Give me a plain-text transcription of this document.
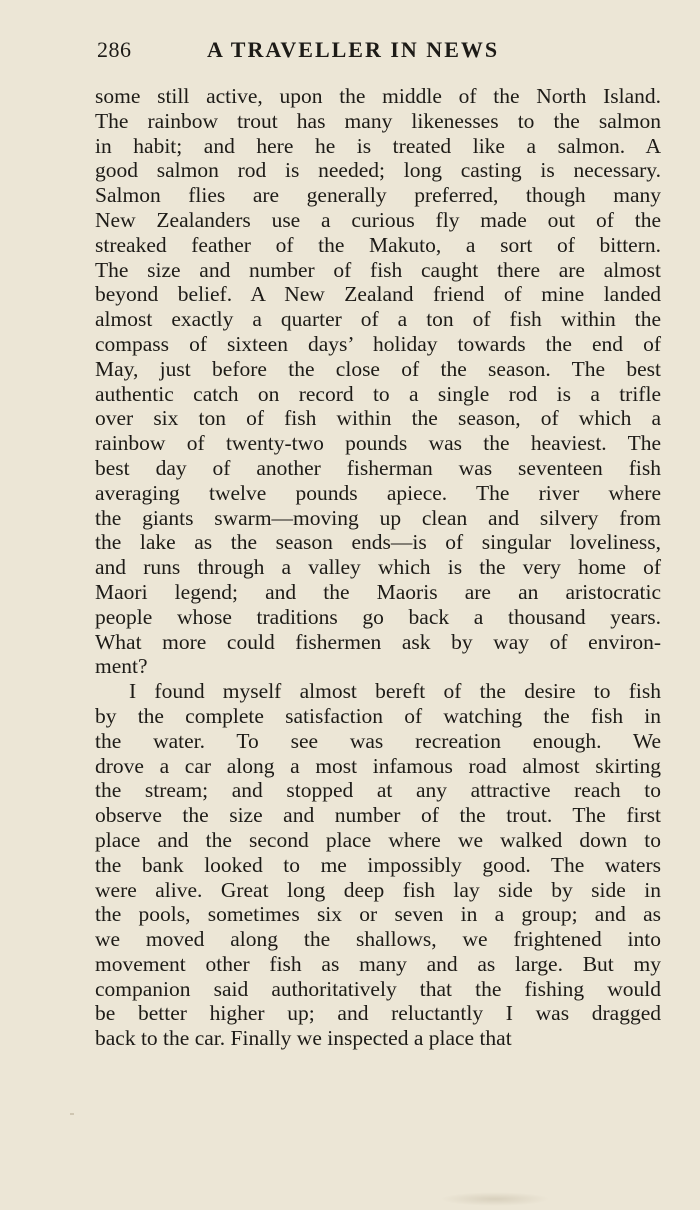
286	A TRAVELLER IN NEWS
some still active, upon the middle of the North Island.
The rainbow trout has many likenesses to the salmon
in habit; and here he is treated like a salmon. A
good salmon rod is needed; long casting is necessary.
Salmon flies are generally preferred, though many
New Zealanders use a curious fly made out of the
streaked feather of the Makuto, a sort of bittern.
The size and number of fish caught there are almost
beyond belief. A New Zealand friend of mine landed
almost exactly a quarter of a ton of fish within the
compass of sixteen days’ holiday towards the end of
May, just before the close of the season. The best
authentic catch on record to a single rod is a trifle
over six ton of fish within the season, of which a
rainbow of twenty-two pounds was the heaviest. The
best day of another fisherman was seventeen fish
averaging twelve pounds apiece. The river where
the giants swarm—moving up clean and silvery from
the lake as the season ends—is of singular loveliness,
and runs through a valley which is the very home of
Maori legend; and the Maoris are an aristocratic
people whose traditions go back a thousand years.
What more could fishermen ask by way of environ-
ment?
I found myself almost bereft of the desire to fish
by the complete satisfaction of watching the fish in
the water. To see was recreation enough. We
drove a car along a most infamous road almost skirting
the stream; and stopped at any attractive reach to
observe the size and number of the trout. The first
place and the second place where we walked down to
the bank looked to me impossibly good. The waters
were alive. Great long deep fish lay side by side in
the pools, sometimes six or seven in a group; and as
we moved along the shallows, we frightened into
movement other fish as many and as large. But my
companion said authoritatively that the fishing would
be better higher up; and reluctantly I was dragged
back to the car. Finally we inspected a place that
